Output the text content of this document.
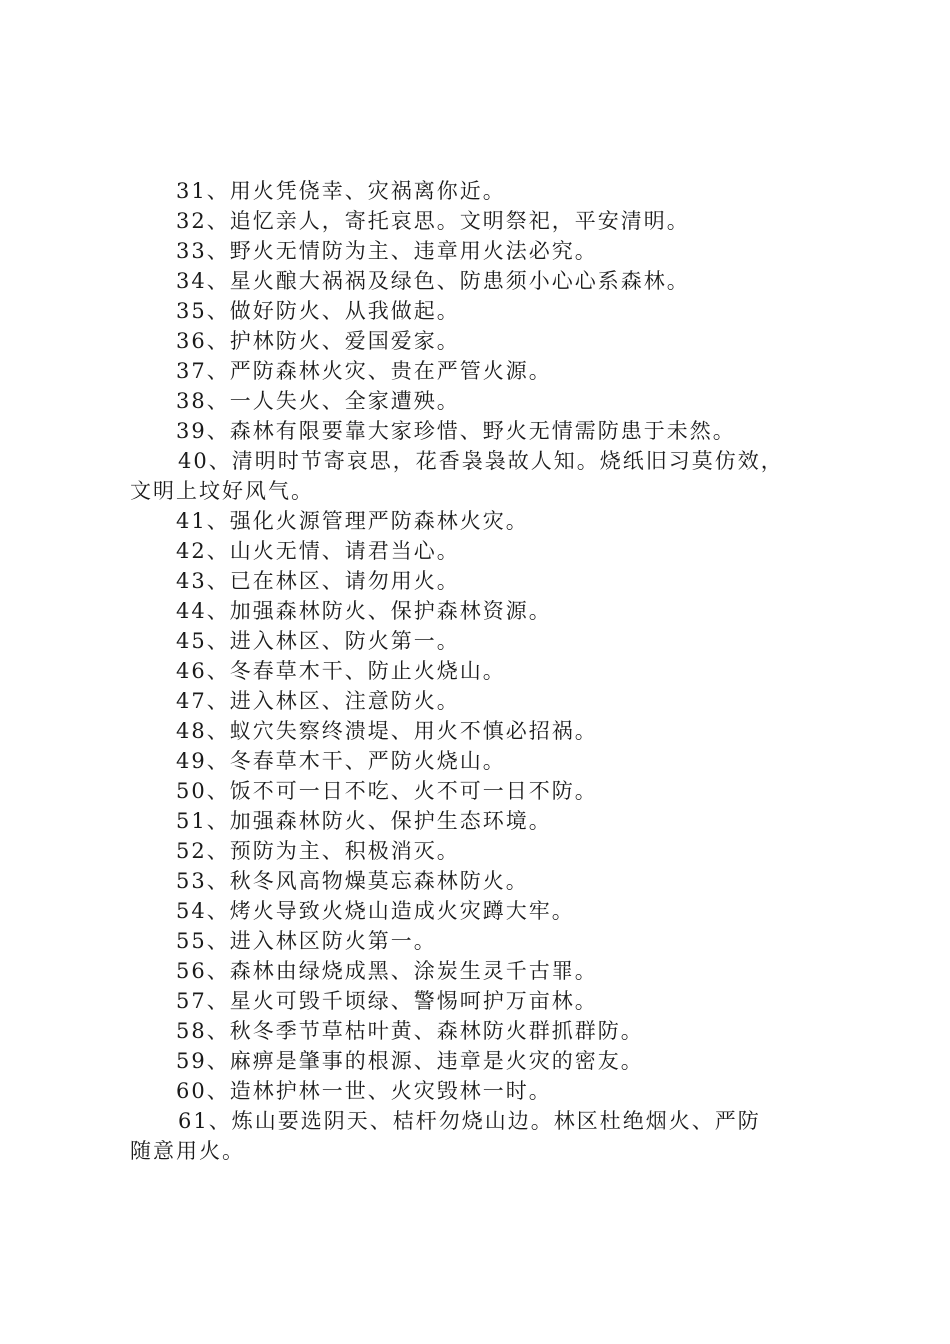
31、用火凭侥幸、灾祸离你近。
32、追忆亲人，寄托哀思。文明祭祀，平安清明。
33、野火无情防为主、违章用火法必究。
34、星火酿大祸祸及绿色、防患须小心心系森林。
35、做好防火、从我做起。
36、护林防火、爱国爱家。
37、严防森林火灾、贵在严管火源。
38、一人失火、全家遭殃。
39、森林有限要靠大家珍惜、野火无情需防患于未然。
40、清明时节寄哀思，花香袅袅故人知。烧纸旧习莫仿效，
文明上坟好风气。
41、强化火源管理严防森林火灾。
42、山火无情、请君当心。
43、已在林区、请勿用火。
44、加强森林防火、保护森林资源。
45、进入林区、防火第一。
46、冬春草木干、防止火烧山。
47、进入林区、注意防火。
48、蚁穴失察终溃堤、用火不慎必招祸。
49、冬春草木干、严防火烧山。
50、饭不可一日不吃、火不可一日不防。
51、加强森林防火、保护生态环境。
52、预防为主、积极消灭。
53、秋冬风高物燥莫忘森林防火。
54、烤火导致火烧山造成火灾蹲大牢。
55、进入林区防火第一。
56、森林由绿烧成黑、涂炭生灵千古罪。
57、星火可毁千顷绿、警惕呵护万亩林。
58、秋冬季节草枯叶黄、森林防火群抓群防。
59、麻痹是肇事的根源、违章是火灾的密友。
60、造林护林一世、火灾毁林一时。
61、炼山要选阴天、桔杆勿烧山边。林区杜绝烟火、严防
随意用火。
